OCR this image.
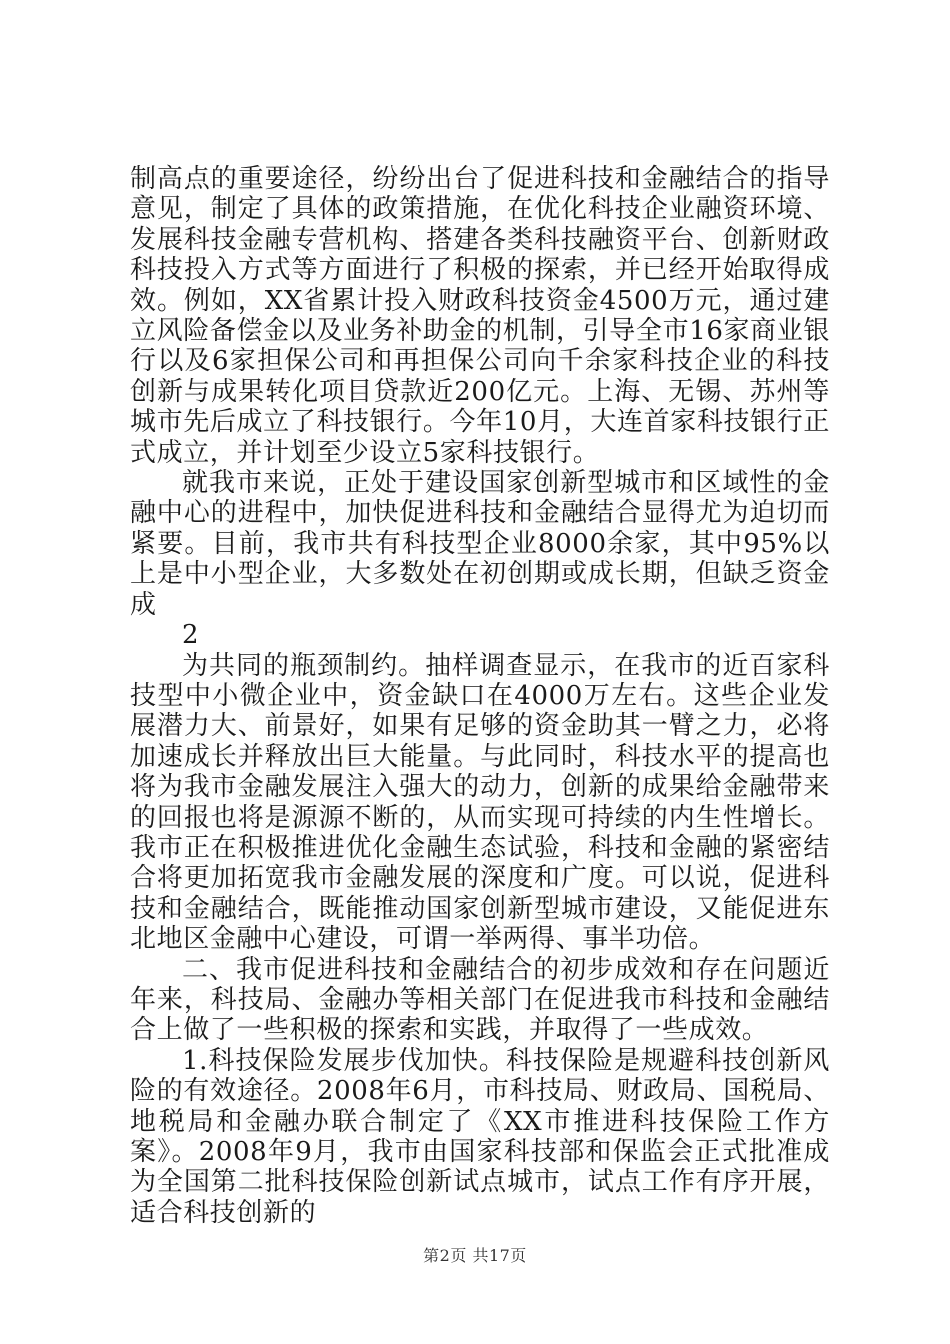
制高点的重要途径，纷纷出台了促进科技和金融结合的指导意见，制定了具体的政策措施，在优化科技企业融资环境、发展科技金融专营机构、搭建各类科技融资平台、创新财政科技投入方式等方面进行了积极的探索，并已经开始取得成效。例如，XX省累计投入财政科技资金4500万元，通过建立风险备偿金以及业务补助金的机制，引导全市16家商业银行以及6家担保公司和再担保公司向千余家科技企业的科技创新与成果转化项目贷款近200亿元。上海、无锡、苏州等城市先后成立了科技银行。今年10月，大连首家科技银行正式成立，并计划至少设立5家科技银行。

就我市来说，正处于建设国家创新型城市和区域性的金融中心的进程中，加快促进科技和金融结合显得尤为迫切而紧要。目前，我市共有科技型企业8000余家，其中95%以上是中小型企业，大多数处在初创期或成长期，但缺乏资金成

2

为共同的瓶颈制约。抽样调查显示，在我市的近百家科技型中小微企业中，资金缺口在4000万左右。这些企业发展潜力大、前景好，如果有足够的资金助其一臂之力，必将加速成长并释放出巨大能量。与此同时，科技水平的提高也将为我市金融发展注入强大的动力，创新的成果给金融带来的回报也将是源源不断的，从而实现可持续的内生性增长。我市正在积极推进优化金融生态试验，科技和金融的紧密结合将更加拓宽我市金融发展的深度和广度。可以说，促进科技和金融结合，既能推动国家创新型城市建设，又能促进东北地区金融中心建设，可谓一举两得、事半功倍。

二、我市促进科技和金融结合的初步成效和存在问题近年来，科技局、金融办等相关部门在促进我市科技和金融结合上做了一些积极的探索和实践，并取得了一些成效。

1.科技保险发展步伐加快。科技保险是规避科技创新风险的有效途径。2008年6月，市科技局、财政局、国税局、地税局和金融办联合制定了《XX市推进科技保险工作方案》。2008年9月，我市由国家科技部和保监会正式批准成为全国第二批科技保险创新试点城市，试点工作有序开展，适合科技创新的

第2页 共17页
